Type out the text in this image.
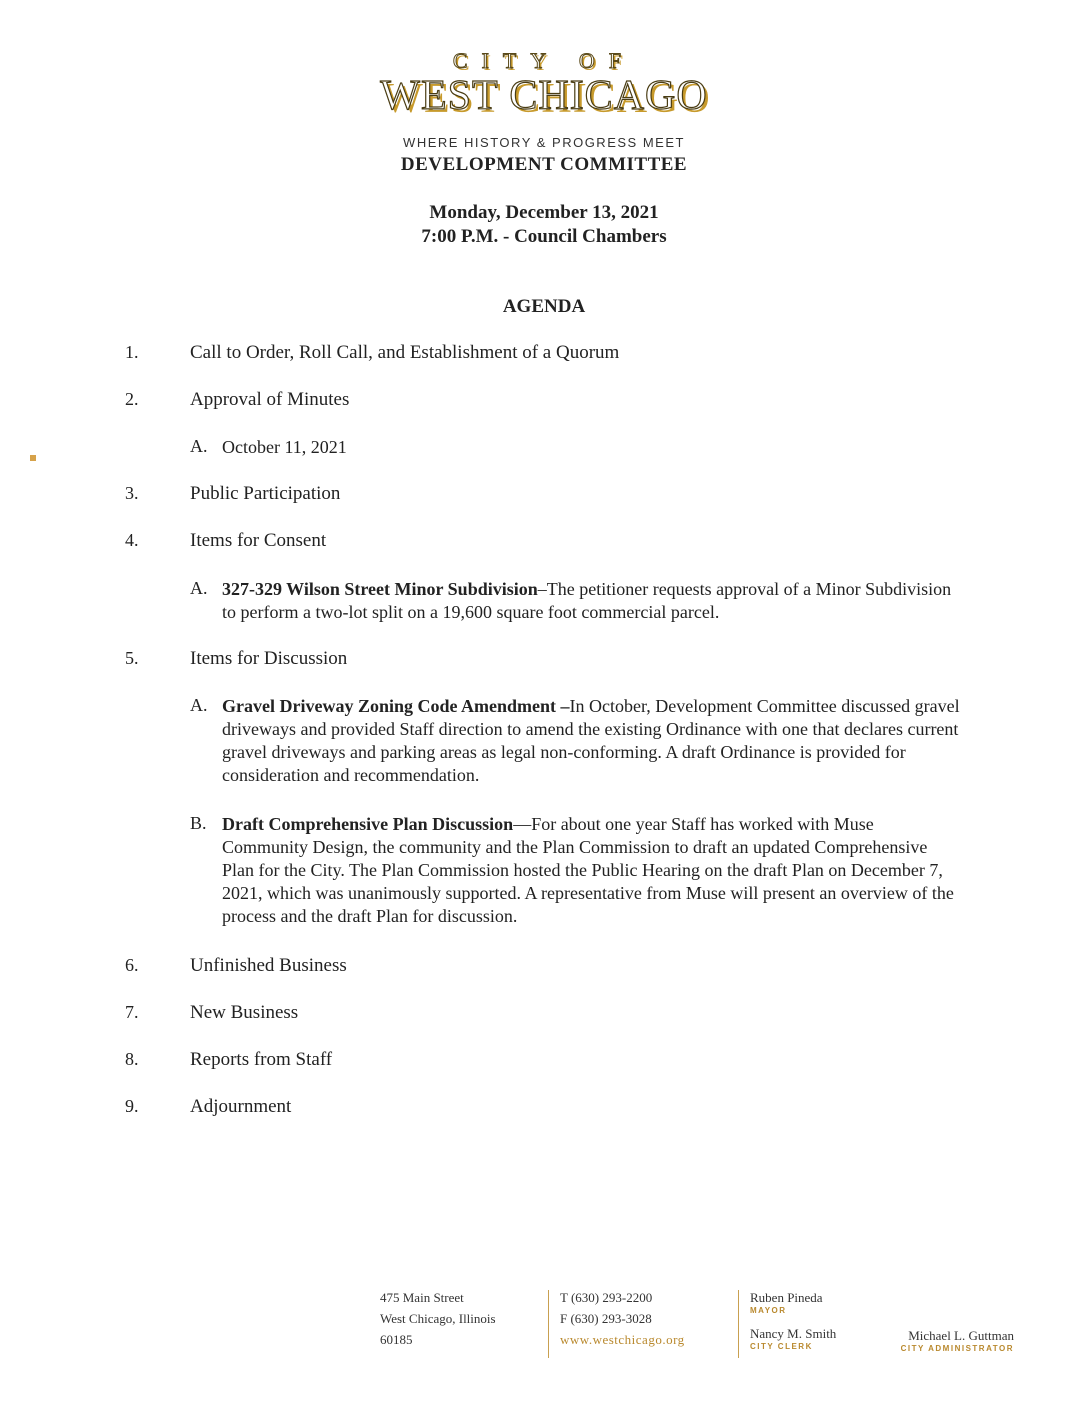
CITY OF
WEST CHICAGO
WHERE HISTORY & PROGRESS MEET
DEVELOPMENT COMMITTEE
Monday, December 13, 2021
7:00 P.M. - Council Chambers
AGENDA
1.	Call to Order, Roll Call, and Establishment of a Quorum
2.	Approval of Minutes
A. October 11, 2021
3.	Public Participation
4.	Items for Consent
A. 327-329 Wilson Street Minor Subdivision–The petitioner requests approval of a Minor Subdivision to perform a two-lot split on a 19,600 square foot commercial parcel.
5.	Items for Discussion
A. Gravel Driveway Zoning Code Amendment –In October, Development Committee discussed gravel driveways and provided Staff direction to amend the existing Ordinance with one that declares current gravel driveways and parking areas as legal non-conforming. A draft Ordinance is provided for consideration and recommendation.
B. Draft Comprehensive Plan Discussion—For about one year Staff has worked with Muse Community Design, the community and the Plan Commission to draft an updated Comprehensive Plan for the City. The Plan Commission hosted the Public Hearing on the draft Plan on December 7, 2021, which was unanimously supported. A representative from Muse will present an overview of the process and the draft Plan for discussion.
6.	Unfinished Business
7.	New Business
8.	Reports from Staff
9.	Adjournment
475 Main Street
West Chicago, Illinois
60185
T (630) 293-2200
F (630) 293-3028
www.westchicago.org
Ruben Pineda
MAYOR
Nancy M. Smith
CITY CLERK
Michael L. Guttman
CITY ADMINISTRATOR
